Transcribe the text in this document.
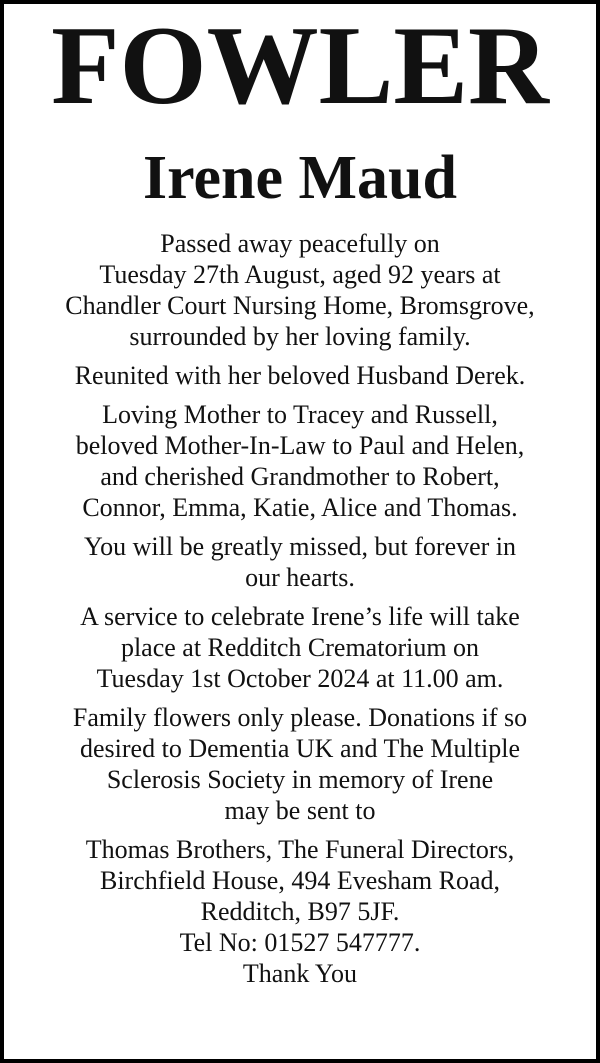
FOWLER
Irene Maud

Passed away peacefully on
Tuesday 27th August, aged 92 years at
Chandler Court Nursing Home, Bromsgrove,
surrounded by her loving family.

Reunited with her beloved Husband Derek.

Loving Mother to Tracey and Russell,
beloved Mother-In-Law to Paul and Helen,
and cherished Grandmother to Robert,
Connor, Emma, Katie, Alice and Thomas.

You will be greatly missed, but forever in
our hearts.

A service to celebrate Irene’s life will take
place at Redditch Crematorium on
Tuesday 1st October 2024 at 11.00 am.

Family flowers only please. Donations if so
desired to Dementia UK and The Multiple
Sclerosis Society in memory of Irene
may be sent to

Thomas Brothers, The Funeral Directors,
Birchfield House, 494 Evesham Road,
Redditch, B97 5JF.
Tel No: 01527 547777.
Thank You
